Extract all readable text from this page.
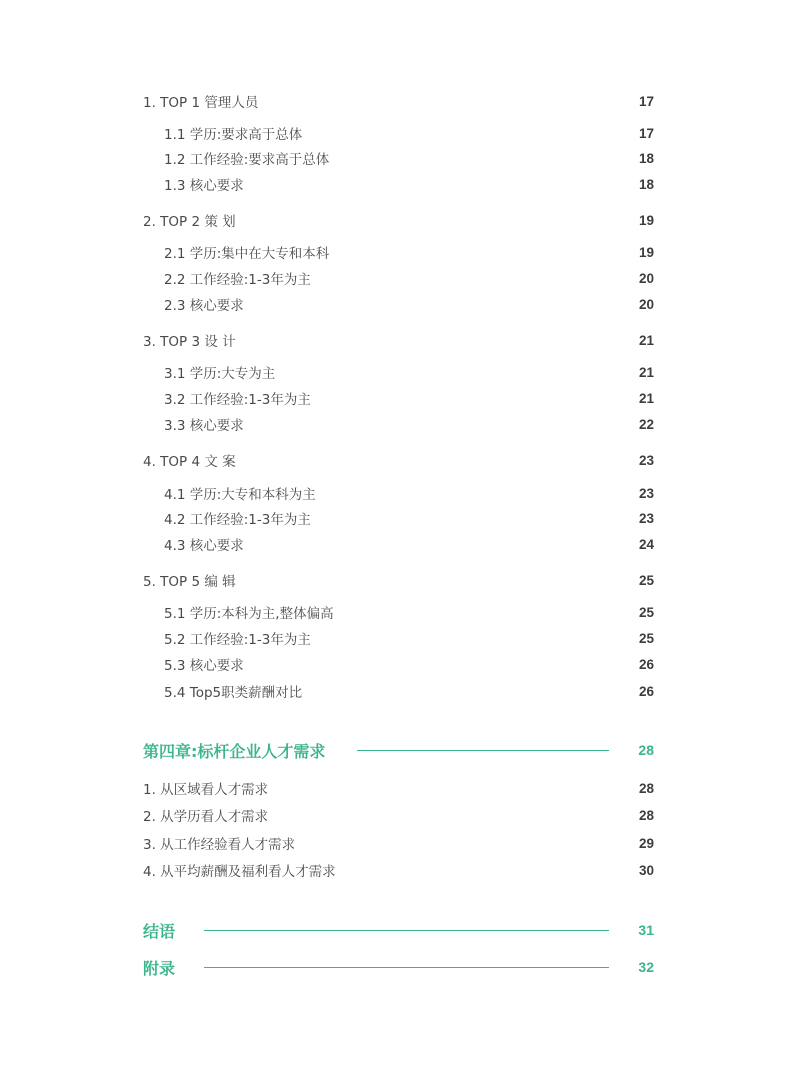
1. TOP 1 管理人员	17
1.1 学历:要求高于总体	17
1.2 工作经验:要求高于总体	18
1.3 核心要求	18
2. TOP 2 策 划	19
2.1 学历:集中在大专和本科	19
2.2 工作经验:1-3年为主	20
2.3 核心要求	20
3. TOP 3 设 计	21
3.1 学历:大专为主	21
3.2 工作经验:1-3年为主	21
3.3 核心要求	22
4. TOP 4 文 案	23
4.1 学历:大专和本科为主	23
4.2 工作经验:1-3年为主	23
4.3 核心要求	24
5. TOP 5 编 辑	25
5.1 学历:本科为主,整体偏高	25
5.2 工作经验:1-3年为主	25
5.3 核心要求	26
5.4 Top5职类薪酬对比	26
第四章:标杆企业人才需求	28
1. 从区域看人才需求	28
2. 从学历看人才需求	28
3. 从工作经验看人才需求	29
4. 从平均薪酬及福利看人才需求	30
结语	31
附录	32
